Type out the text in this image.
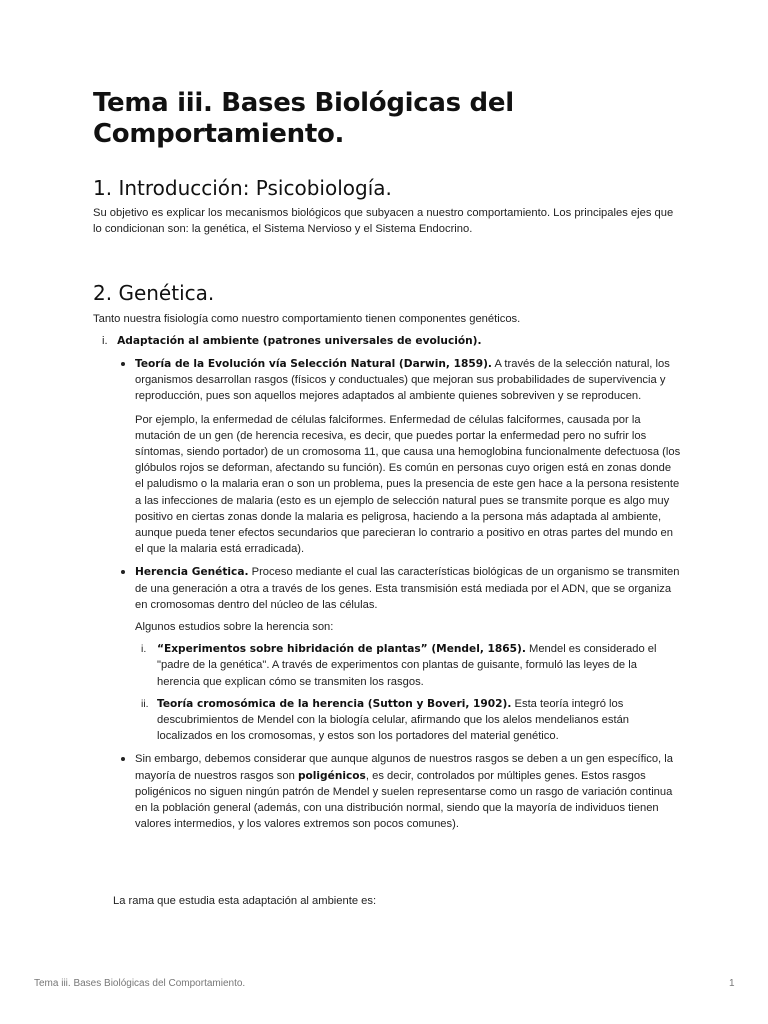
Tema iii. Bases Biológicas del Comportamiento.
1. Introducción: Psicobiología.
Su objetivo es explicar los mecanismos biológicos que subyacen a nuestro comportamiento. Los principales ejes que lo condicionan son: la genética, el Sistema Nervioso y el Sistema Endocrino.
2. Genética.
Tanto nuestra fisiología como nuestro comportamiento tienen componentes genéticos.
i. Adaptación al ambiente (patrones universales de evolución).
Teoría de la Evolución vía Selección Natural (Darwin, 1859). A través de la selección natural, los organismos desarrollan rasgos (físicos y conductuales) que mejoran sus probabilidades de supervivencia y reproducción, pues son aquellos mejores adaptados al ambiente quienes sobreviven y se reproducen.
Por ejemplo, la enfermedad de células falciformes. Enfermedad de células falciformes, causada por la mutación de un gen (de herencia recesiva, es decir, que puedes portar la enfermedad pero no sufrir los síntomas, siendo portador) de un cromosoma 11, que causa una hemoglobina funcionalmente defectuosa (los glóbulos rojos se deforman, afectando su función). Es común en personas cuyo origen está en zonas donde el paludismo o la malaria eran o son un problema, pues la presencia de este gen hace a la persona resistente a las infecciones de malaria (esto es un ejemplo de selección natural pues se transmite porque es algo muy positivo en ciertas zonas donde la malaria es peligrosa, haciendo a la persona más adaptada al ambiente, aunque pueda tener efectos secundarios que parecieran lo contrario a positivo en otras partes del mundo en el que la malaria está erradicada).
Herencia Genética. Proceso mediante el cual las características biológicas de un organismo se transmiten de una generación a otra a través de los genes. Esta transmisión está mediada por el ADN, que se organiza en cromosomas dentro del núcleo de las células.
Algunos estudios sobre la herencia son:
i. “Experimentos sobre hibridación de plantas” (Mendel, 1865). Mendel es considerado el "padre de la genética". A través de experimentos con plantas de guisante, formuló las leyes de la herencia que explican cómo se transmiten los rasgos.
ii. Teoría cromosómica de la herencia (Sutton y Boveri, 1902). Esta teoría integró los descubrimientos de Mendel con la biología celular, afirmando que los alelos mendelianos están localizados en los cromosomas, y estos son los portadores del material genético.
Sin embargo, debemos considerar que aunque algunos de nuestros rasgos se deben a un gen específico, la mayoría de nuestros rasgos son poligénicos, es decir, controlados por múltiples genes. Estos rasgos poligénicos no siguen ningún patrón de Mendel y suelen representarse como un rasgo de variación continua en la población general (además, con una distribución normal, siendo que la mayoría de individuos tienen valores intermedios, y los valores extremos son pocos comunes).
La rama que estudia esta adaptación al ambiente es:
Tema iii. Bases Biológicas del Comportamiento.	1
